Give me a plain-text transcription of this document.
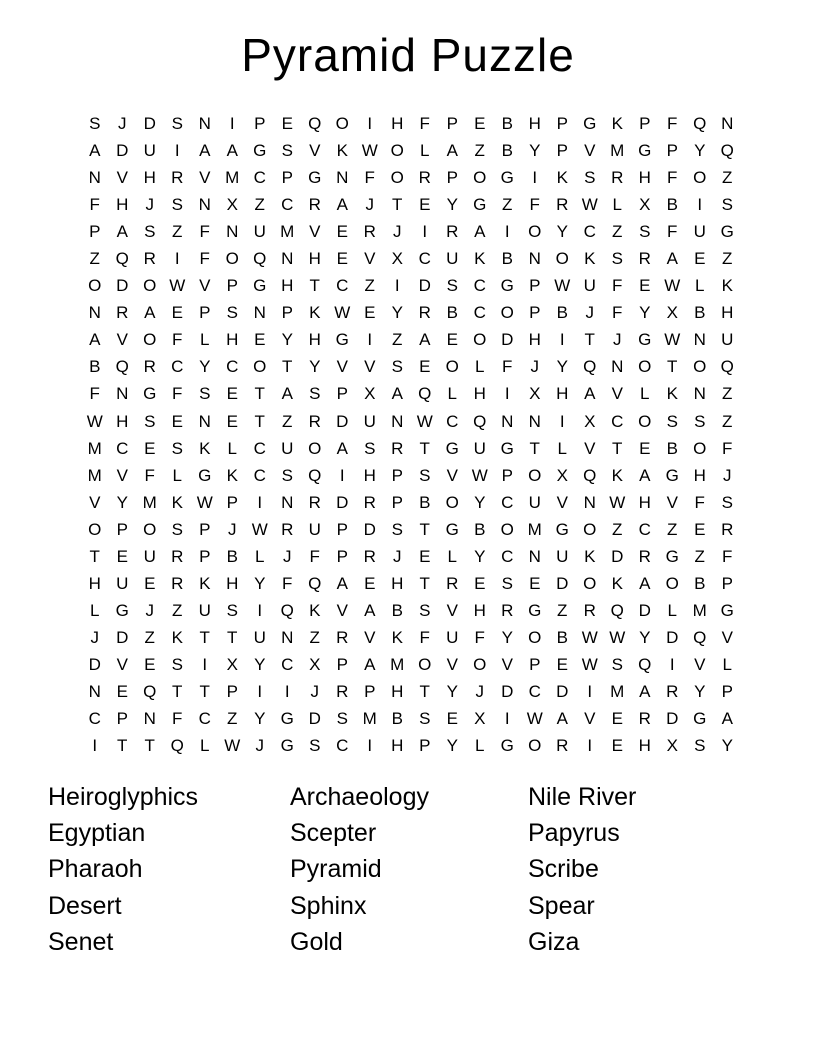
Pyramid Puzzle
S	J	D S N	I	P E Q O	I	H F P E B H P G K P F Q N
A D U	I	A A G S V K W O L	A Z B Y P V M G P Y Q
N V H R V M C P G N F O R P O G	I	K S R H F O Z
F H	J	S N X Z C R A	J	T E Y G Z	F R W L	X B	I	S
P A S Z	F N U M V E R	J	I	R A	I	O Y C Z S F U G
Z Q R	I	F O Q N H E V X C U K B N O K S R A E Z
O D O W V P G H T C Z	I	D S C G P W U F E W L	K
N R A E P S N P K W E Y R B C O P B	J	F Y X B H
A V O F	L H E Y H G	I	Z A E O D H	I	T	J G W N U
B Q R C Y C O T Y V V S E O L	F	J	Y Q N O T O Q
F N G F S E T A S P X A Q L H	I	X H A V	L	K N Z
W H S E N E T	Z R D U N W C Q N N	I	X C O S S Z
M C E S K	L C U O A S R T G U G T	L	V T E B O F
M V F	L G K C S Q	I	H P S V W P O X Q K A G H	J
V Y M K W P	I	N R D R P B O Y C U V N W H V F S
O P O S P	J W R U P D S T G B O M G O Z C Z E R
T E U R P B	L	J	F P R	J	E	L	Y C N U K D R G Z	F
H U E R K H Y F Q A E H T R E S E D O K A O B P
L G J	Z U S	I	Q K V A B S V H R G Z R Q D L M G
J	D Z K T	T U N Z R V K F U F Y O B W W Y D Q V
D V E S	I	X Y C X P A M O V O V P E W S Q	I	V	L
N E Q T	T P	I	I	J	R P H T Y	J	D C D	I	M A R Y P
C P N F C Z Y G D S M B S E X	I	W A V E R D G A
I	T	T Q L W J G S C	I	H P Y	L G O R	I	E H X S Y
Heiroglyphics
Egyptian
Pharaoh
Desert
Senet
Archaeology
Scepter
Pyramid
Sphinx
Gold
Nile River
Papyrus
Scribe
Spear
Giza
